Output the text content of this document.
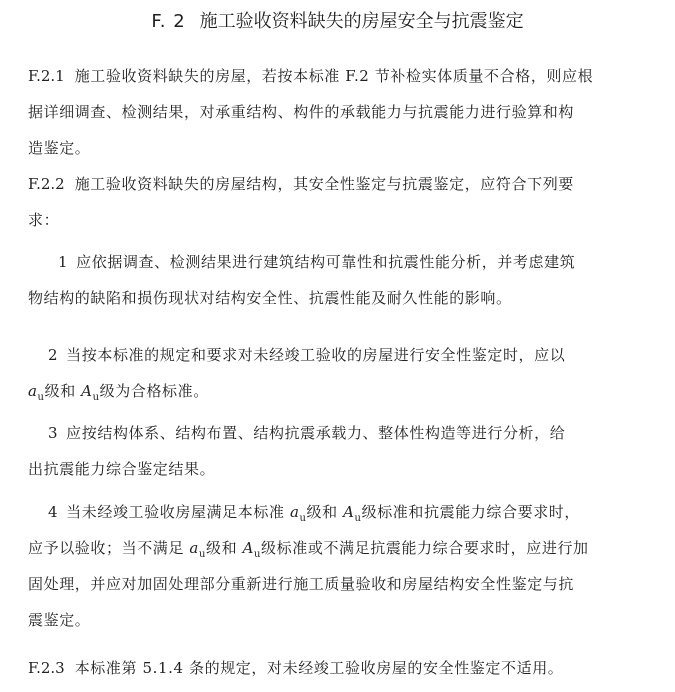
F. 2 施工验收资料缺失的房屋安全与抗震鉴定
F.2.1 施工验收资料缺失的房屋，若按本标准 F.2 节补检实体质量不合格，则应根
据详细调查、检测结果，对承重结构、构件的承载能力与抗震能力进行验算和构
造鉴定。
F.2.2 施工验收资料缺失的房屋结构，其安全性鉴定与抗震鉴定，应符合下列要
求：
1 应依据调查、检测结果进行建筑结构可靠性和抗震性能分析，并考虑建筑
物结构的缺陷和损伤现状对结构安全性、抗震性能及耐久性能的影响。
2 当按本标准的规定和要求对未经竣工验收的房屋进行安全性鉴定时，应以
$a_u$级和 $A_u$级为合格标准。
3 应按结构体系、结构布置、结构抗震承载力、整体性构造等进行分析，给
出抗震能力综合鉴定结果。
4 当未经竣工验收房屋满足本标准 $a_u$级和 $A_u$级标准和抗震能力综合要求时，
应予以验收；当不满足 $a_u$级和 $A_u$级标准或不满足抗震能力综合要求时，应进行加
固处理，并应对加固处理部分重新进行施工质量验收和房屋结构安全性鉴定与抗
震鉴定。
F.2.3 本标准第 5.1.4 条的规定，对未经竣工验收房屋的安全性鉴定不适用。
